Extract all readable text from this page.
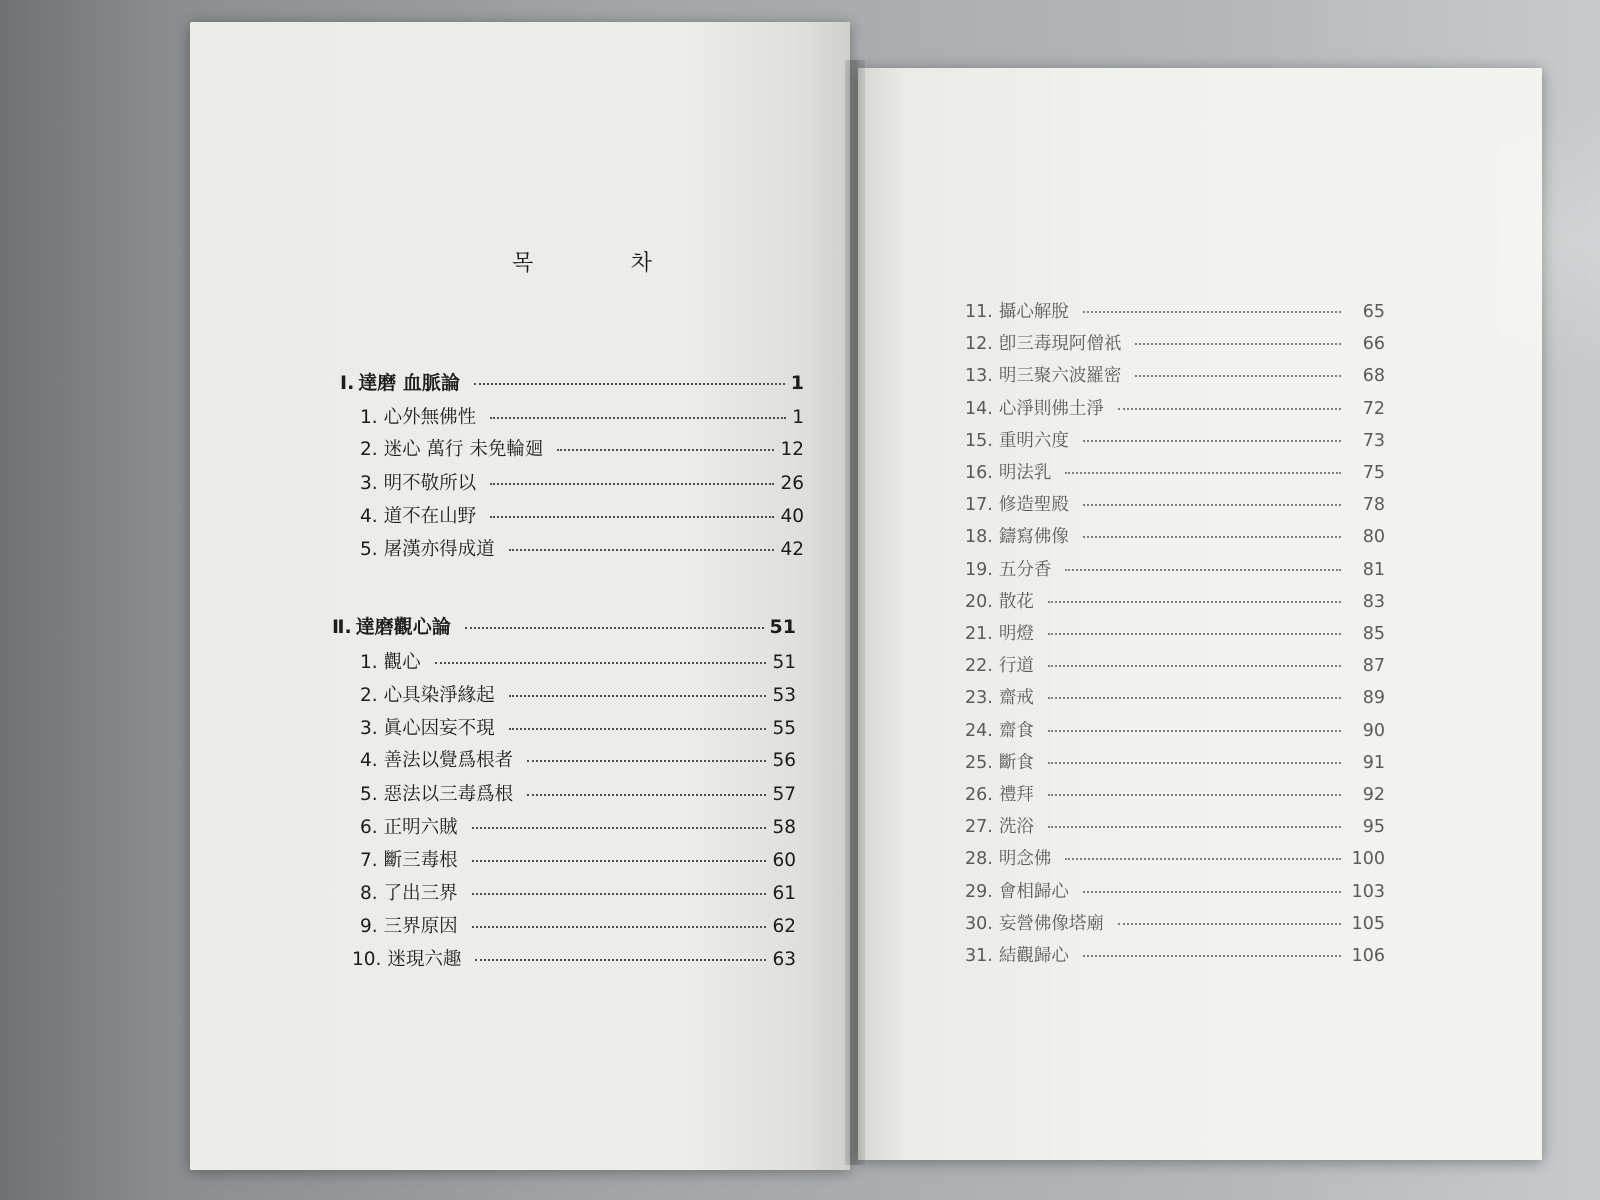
목	차
Ⅰ. 達磨 血脈論	1
1. 心外無佛性	1
2. 迷心 萬行 未免輪廻	12
3. 明不敬所以	26
4. 道不在山野	40
5. 屠漢亦得成道	42
Ⅱ. 達磨觀心論	51
1. 觀心	51
2. 心具染淨緣起	53
3. 眞心因妄不現	55
4. 善法以覺爲根者	56
5. 惡法以三毒爲根	57
6. 正明六賊	58
7. 斷三毒根	60
8. 了出三界	61
9. 三界原因	62
10. 迷現六趣	63
11. 攝心解脫	65
12. 卽三毒現阿僧祇	66
13. 明三聚六波羅密	68
14. 心淨則佛土淨	72
15. 重明六度	73
16. 明法乳	75
17. 修造聖殿	78
18. 鑄寫佛像	80
19. 五分香	81
20. 散花	83
21. 明燈	85
22. 行道	87
23. 齋戒	89
24. 齋食	90
25. 斷食	91
26. 禮拜	92
27. 洗浴	95
28. 明念佛	100
29. 會相歸心	103
30. 妄營佛像塔廟	105
31. 結觀歸心	106
